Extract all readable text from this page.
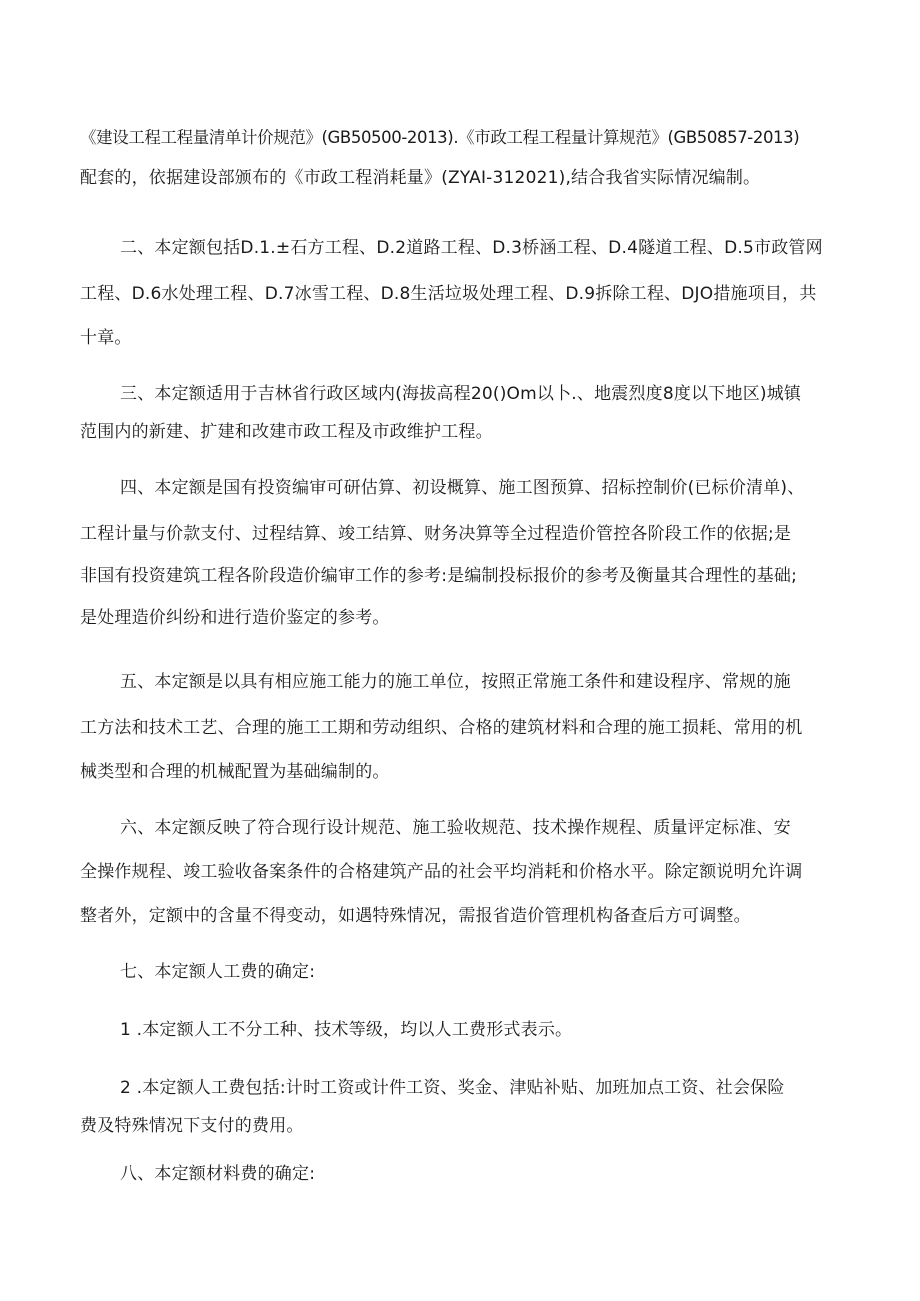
《建设工程工程量清单计价规范》(GB50500-2013).《市政工程工程量计算规范》(GB50857-2013)
配套的，依据建设部颁布的《市政工程消耗量》(ZYAI-312021),结合我省实际情况编制。
二、本定额包括D.1.±石方工程、D.2道路工程、D.3桥涵工程、D.4隧道工程、D.5市政管网
工程、D.6水处理工程、D.7冰雪工程、D.8生活垃圾处理工程、D.9拆除工程、DJO措施项目，共
十章。
三、本定额适用于吉林省行政区域内(海拔高程20()Om以卜.、地震烈度8度以下地区)城镇
范围内的新建、扩建和改建市政工程及市政维护工程。
四、本定额是国有投资编审可研估算、初设概算、施工图预算、招标控制价(已标价清单)、
工程计量与价款支付、过程结算、竣工结算、财务决算等全过程造价管控各阶段工作的依据;是
非国有投资建筑工程各阶段造价编审工作的参考:是编制投标报价的参考及衡量其合理性的基础;
是处理造价纠纷和进行造价鉴定的参考。
五、本定额是以具有相应施工能力的施工单位，按照正常施工条件和建设程序、常规的施
工方法和技术工艺、合理的施工工期和劳动组织、合格的建筑材料和合理的施工损耗、常用的机
械类型和合理的机械配置为基础编制的。
六、本定额反映了符合现行设计规范、施工验收规范、技术操作规程、质量评定标准、安
全操作规程、竣工验收备案条件的合格建筑产品的社会平均消耗和价格水平。除定额说明允许调
整者外，定额中的含量不得变动，如遇特殊情况，需报省造价管理机构备查后方可调整。
七、本定额人工费的确定:
1 .本定额人工不分工种、技术等级，均以人工费形式表示。
2 .本定额人工费包括:计时工资或计件工资、奖金、津贴补贴、加班加点工资、社会保险
费及特殊情况下支付的费用。
八、本定额材料费的确定:
